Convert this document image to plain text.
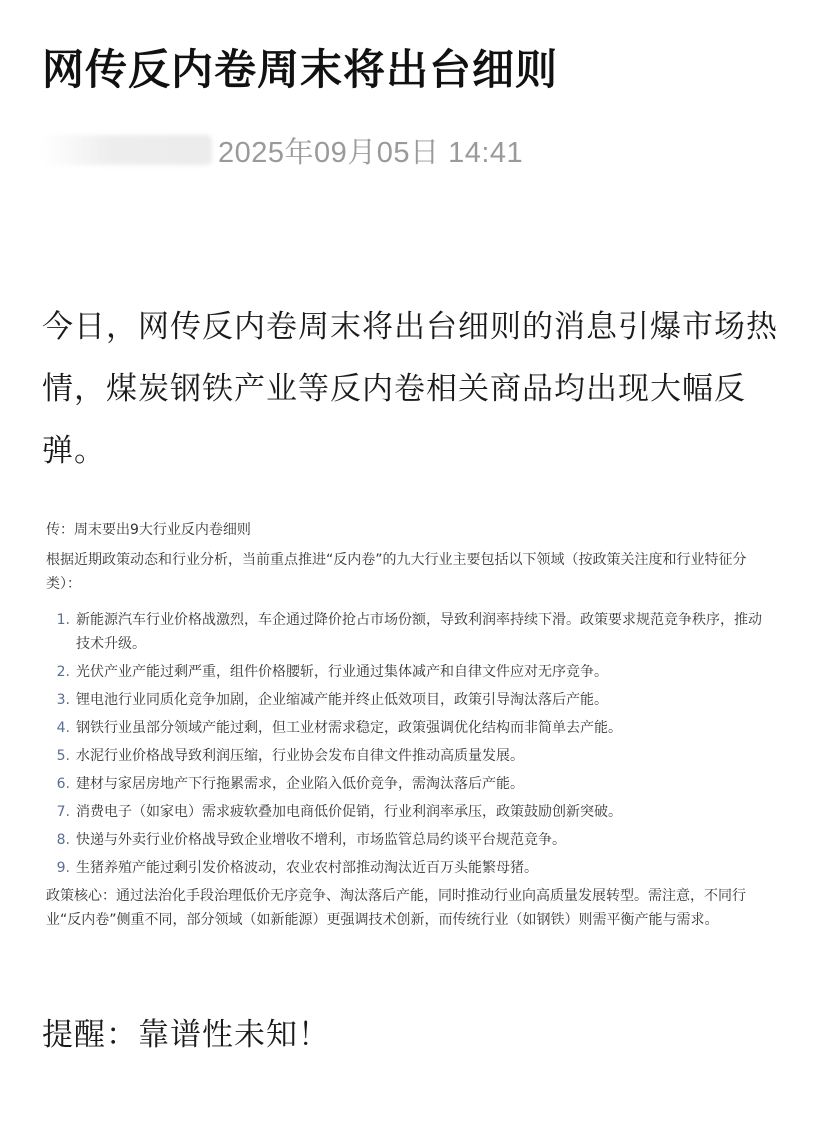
网传反内卷周末将出台细则
2025年09月05日 14:41
今日，网传反内卷周末将出台细则的消息引爆市场热情，煤炭钢铁产业等反内卷相关商品均出现大幅反弹。
传：周末要出9大行业反内卷细则
根据近期政策动态和行业分析，当前重点推进“反内卷”的九大行业主要包括以下领域（按政策关注度和行业特征分类）：
1. 新能源汽车行业价格战激烈，车企通过降价抢占市场份额，导致利润率持续下滑。政策要求规范竞争秩序，推动技术升级。
2. 光伏产业产能过剩严重，组件价格腰斩，行业通过集体减产和自律文件应对无序竞争。
3. 锂电池行业同质化竞争加剧，企业缩减产能并终止低效项目，政策引导淘汰落后产能。
4. 钢铁行业虽部分领域产能过剩，但工业材需求稳定，政策强调优化结构而非简单去产能。
5. 水泥行业价格战导致利润压缩，行业协会发布自律文件推动高质量发展。
6. 建材与家居房地产下行拖累需求，企业陷入低价竞争，需淘汰落后产能。
7. 消费电子（如家电）需求疲软叠加电商低价促销，行业利润率承压，政策鼓励创新突破。
8. 快递与外卖行业价格战导致企业增收不增利，市场监管总局约谈平台规范竞争。
9. 生猪养殖产能过剩引发价格波动，农业农村部推动淘汰近百万头能繁母猪。
政策核心：通过法治化手段治理低价无序竞争、淘汰落后产能，同时推动行业向高质量发展转型。需注意，不同行业“反内卷”侧重不同，部分领域（如新能源）更强调技术创新，而传统行业（如钢铁）则需平衡产能与需求。
提醒：靠谱性未知！
